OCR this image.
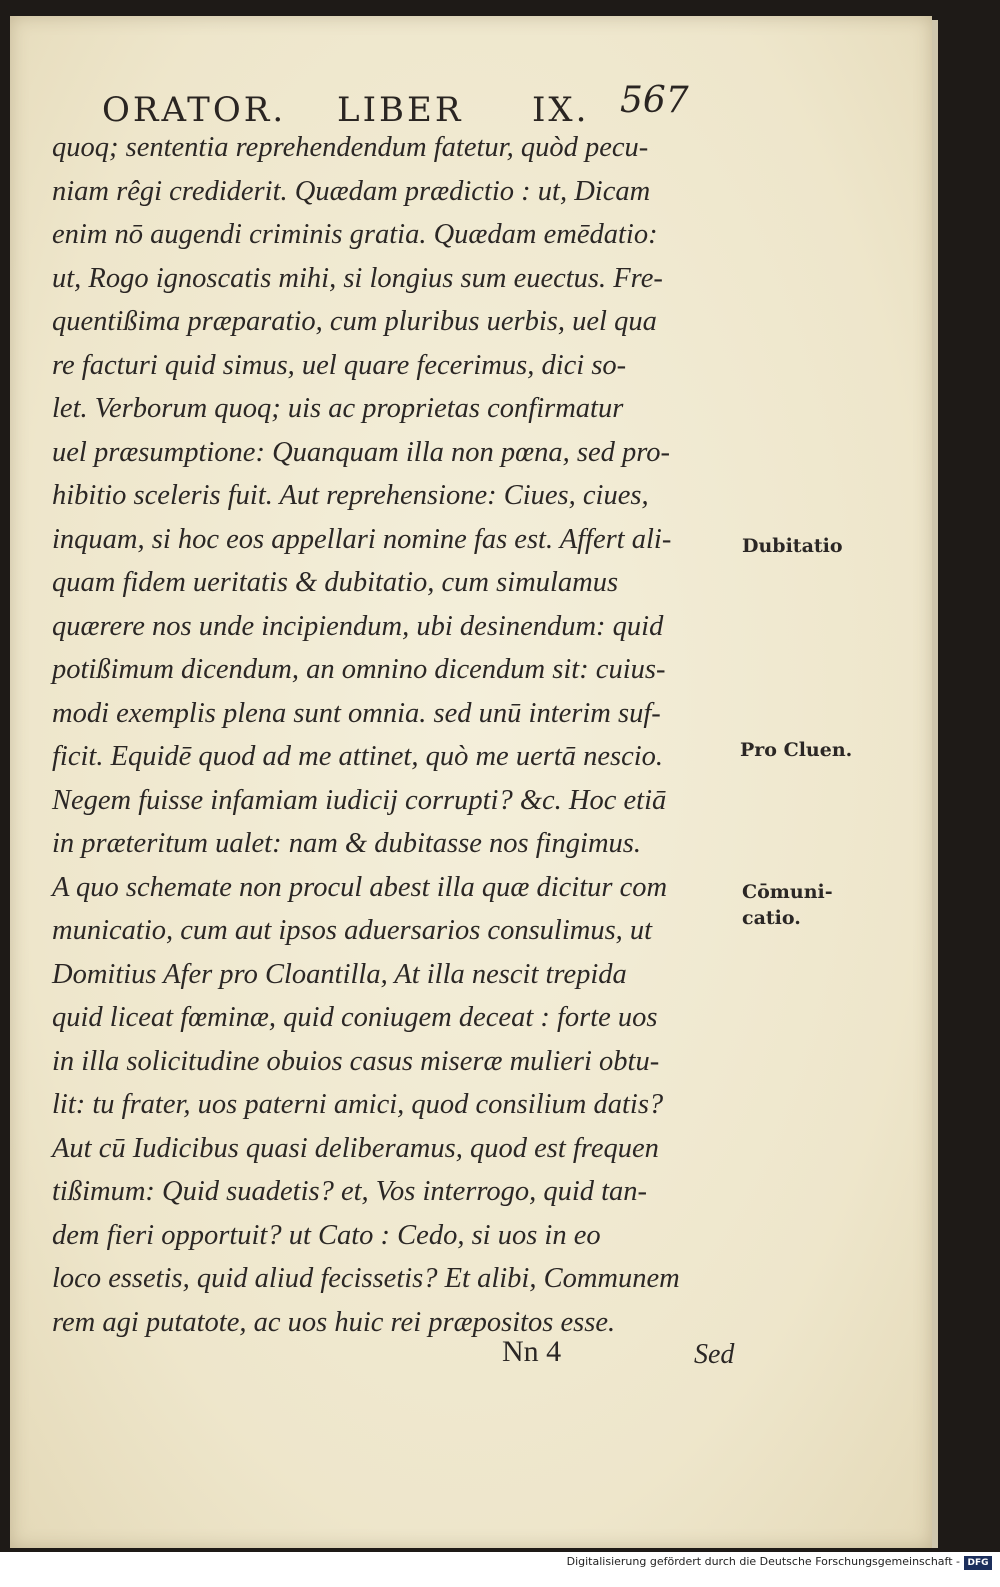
ORATOR. LIBER IX. 567
quoq; sententia reprehendendum fatetur, quòd pecu-
niam rêgi crediderit. Quædam prædictio : ut, Dicam
enim nō augendi criminis gratia. Quædam emēdatio:
ut, Rogo ignoscatis mihi, si longius sum euectus. Fre-
quentißima præparatio, cum pluribus uerbis, uel qua
re facturi quid simus, uel quare fecerimus, dici so-
let. Verborum quoq; uis ac proprietas confirmatur
uel præsumptione: Quanquam illa non pœna, sed pro-
hibitio sceleris fuit. Aut reprehensione: Ciues, ciues,
inquam, si hoc eos appellari nomine fas est. Affert ali-
quam fidem ueritatis & dubitatio, cum simulamus
quærere nos unde incipiendum, ubi desinendum: quid
potißimum dicendum, an omnino dicendum sit: cuius-
modi exemplis plena sunt omnia. sed unū interim suf-
ficit. Equidē quod ad me attinet, quò me uertā nescio.
Negem fuisse infamiam iudicij corrupti? &c. Hoc etiā
in præteritum ualet: nam & dubitasse nos fingimus.
A quo schemate non procul abest illa quæ dicitur com
municatio, cum aut ipsos aduersarios consulimus, ut
Domitius Afer pro Cloantilla, At illa nescit trepida
quid liceat fœminæ, quid coniugem deceat : forte uos
in illa solicitudine obuios casus miseræ mulieri obtu-
lit: tu frater, uos paterni amici, quod consilium datis?
Aut cū Iudicibus quasi deliberamus, quod est frequen
tißimum: Quid suadetis? et, Vos interrogo, quid tan-
dem fieri opportuit? ut Cato : Cedo, si uos in eo
loco essetis, quid aliud fecissetis? Et alibi, Communem
rem agi putatote, ac uos huic rei præpositos esse.
Dubitatio
Pro Cluen.
Cōmuni-
catio.
Nn 4	Sed
Digitalisierung gefördert durch die Deutsche Forschungsgemeinschaft - DFG
